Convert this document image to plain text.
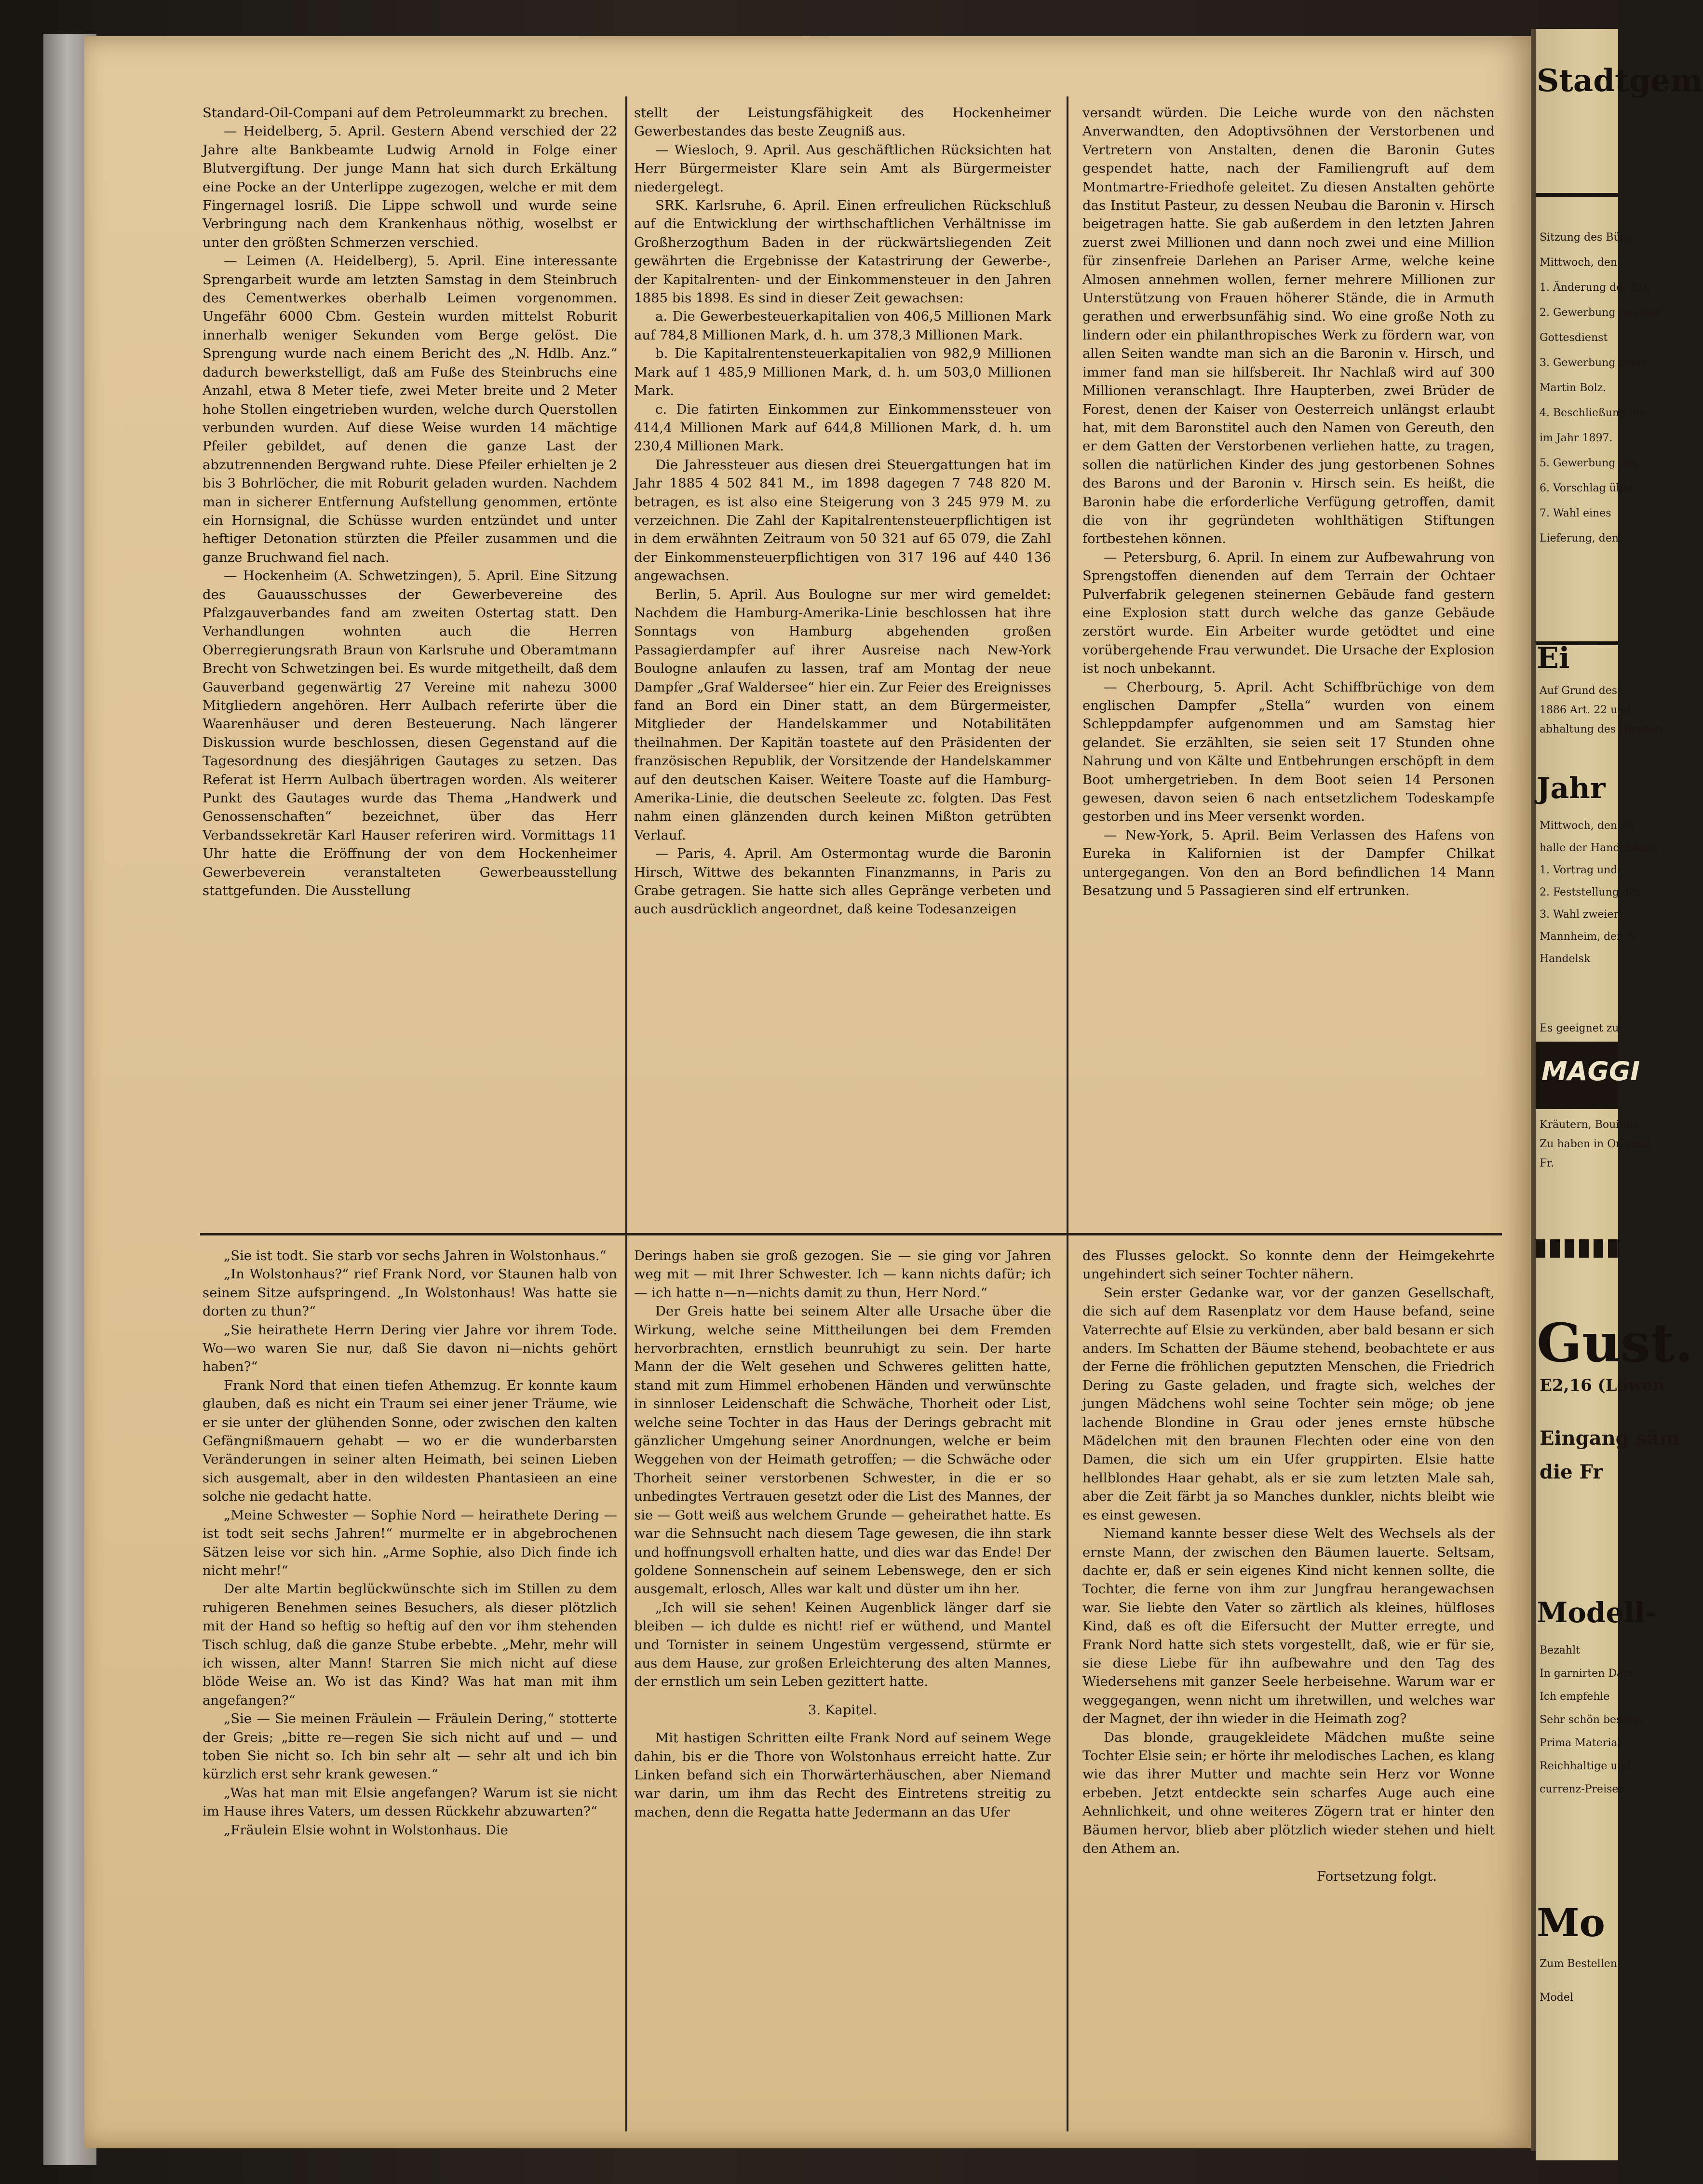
Standard-Oil-Compani auf dem Petroleummarkt zu brechen.

— Heidelberg, 5. April. Gestern Abend verschied der 22 Jahre alte Bankbeamte Ludwig Arnold in Folge einer Blutvergiftung. Der junge Mann hat sich durch Erkältung eine Pocke an der Unterlippe zugezogen, welche er mit dem Fingernagel losriß. Die Lippe schwoll und wurde seine Verbringung nach dem Krankenhaus nöthig, woselbst er unter den größten Schmerzen verschied.

— Leimen (A. Heidelberg), 5. April. Eine interessante Sprengarbeit wurde am letzten Samstag in dem Steinbruch des Cementwerkes oberhalb Leimen vorgenommen. Ungefähr 6000 Cbm. Gestein wurden mittelst Roburit innerhalb weniger Sekunden vom Berge gelöst. Die Sprengung wurde nach einem Bericht des „N. Hdlb. Anz.“ dadurch bewerkstelligt, daß am Fuße des Steinbruchs eine Anzahl, etwa 8 Meter tiefe, zwei Meter breite und 2 Meter hohe Stollen eingetrieben wurden, welche durch Querstollen verbunden wurden. Auf diese Weise wurden 14 mächtige Pfeiler gebildet, auf denen die ganze Last der abzutrennenden Bergwand ruhte. Diese Pfeiler erhielten je 2 bis 3 Bohrlöcher, die mit Roburit geladen wurden. Nachdem man in sicherer Entfernung Aufstellung genommen, ertönte ein Hornsignal, die Schüsse wurden entzündet und unter heftiger Detonation stürzten die Pfeiler zusammen und die ganze Bruchwand fiel nach.

— Hockenheim (A. Schwetzingen), 5. April. Eine Sitzung des Gauausschusses der Gewerbevereine des Pfalzgauverbandes fand am zweiten Ostertag statt. Den Verhandlungen wohnten auch die Herren Oberregierungsrath Braun von Karlsruhe und Oberamtmann Brecht von Schwetzingen bei. Es wurde mitgetheilt, daß dem Gauverband gegenwärtig 27 Vereine mit nahezu 3000 Mitgliedern angehören. Herr Aulbach referirte über die Waarenhäuser und deren Besteuerung. Nach längerer Diskussion wurde beschlossen, diesen Gegenstand auf die Tagesordnung des diesjährigen Gautages zu setzen. Das Referat ist Herrn Aulbach übertragen worden. Als weiterer Punkt des Gautages wurde das Thema „Handwerk und Genossenschaften“ bezeichnet, über das Herr Verbandssekretär Karl Hauser referiren wird. Vormittags 11 Uhr hatte die Eröffnung der von dem Hockenheimer Gewerbeverein veranstalteten Gewerbeausstellung stattgefunden. Die Ausstellung

stellt der Leistungsfähigkeit des Hockenheimer Gewerbestandes das beste Zeugniß aus.

— Wiesloch, 9. April. Aus geschäftlichen Rücksichten hat Herr Bürgermeister Klare sein Amt als Bürgermeister niedergelegt.

SRK. Karlsruhe, 6. April. Einen erfreulichen Rückschluß auf die Entwicklung der wirthschaftlichen Verhältnisse im Großherzogthum Baden in der rückwärtsliegenden Zeit gewährten die Ergebnisse der Katastrirung der Gewerbe-, der Kapitalrenten- und der Einkommensteuer in den Jahren 1885 bis 1898. Es sind in dieser Zeit gewachsen:

a. Die Gewerbesteuerkapitalien von 406,5 Millionen Mark auf 784,8 Millionen Mark, d. h. um 378,3 Millionen Mark.

b. Die Kapitalrentensteuerkapitalien von 982,9 Millionen Mark auf 1 485,9 Millionen Mark, d. h. um 503,0 Millionen Mark.

c. Die fatirten Einkommen zur Einkommenssteuer von 414,4 Millionen Mark auf 644,8 Millionen Mark, d. h. um 230,4 Millionen Mark.

Die Jahressteuer aus diesen drei Steuergattungen hat im Jahr 1885 4 502 841 M., im 1898 dagegen 7 748 820 M. betragen, es ist also eine Steigerung von 3 245 979 M. zu verzeichnen. Die Zahl der Kapitalrentensteuerpflichtigen ist in dem erwähnten Zeitraum von 50 321 auf 65 079, die Zahl der Einkommensteuerpflichtigen von 317 196 auf 440 136 angewachsen.

Berlin, 5. April. Aus Boulogne sur mer wird gemeldet: Nachdem die Hamburg-Amerika-Linie beschlossen hat ihre Sonntags von Hamburg abgehenden großen Passagierdampfer auf ihrer Ausreise nach New-York Boulogne anlaufen zu lassen, traf am Montag der neue Dampfer „Graf Waldersee“ hier ein. Zur Feier des Ereignisses fand an Bord ein Diner statt, an dem Bürgermeister, Mitglieder der Handelskammer und Notabilitäten theilnahmen. Der Kapitän toastete auf den Präsidenten der französischen Republik, der Vorsitzende der Handelskammer auf den deutschen Kaiser. Weitere Toaste auf die Hamburg-Amerika-Linie, die deutschen Seeleute zc. folgten. Das Fest nahm einen glänzenden durch keinen Mißton getrübten Verlauf.

— Paris, 4. April. Am Ostermontag wurde die Baronin Hirsch, Wittwe des bekannten Finanzmanns, in Paris zu Grabe getragen. Sie hatte sich alles Gepränge verbeten und auch ausdrücklich angeordnet, daß keine Todesanzeigen

versandt würden. Die Leiche wurde von den nächsten Anverwandten, den Adoptivsöhnen der Verstorbenen und Vertretern von Anstalten, denen die Baronin Gutes gespendet hatte, nach der Familiengruft auf dem Montmartre-Friedhofe geleitet. Zu diesen Anstalten gehörte das Institut Pasteur, zu dessen Neubau die Baronin v. Hirsch beigetragen hatte. Sie gab außerdem in den letzten Jahren zuerst zwei Millionen und dann noch zwei und eine Million für zinsenfreie Darlehen an Pariser Arme, welche keine Almosen annehmen wollen, ferner mehrere Millionen zur Unterstützung von Frauen höherer Stände, die in Armuth gerathen und erwerbsunfähig sind. Wo eine große Noth zu lindern oder ein philanthropisches Werk zu fördern war, von allen Seiten wandte man sich an die Baronin v. Hirsch, und immer fand man sie hilfsbereit. Ihr Nachlaß wird auf 300 Millionen veranschlagt. Ihre Haupterben, zwei Brüder de Forest, denen der Kaiser von Oesterreich unlängst erlaubt hat, mit dem Baronstitel auch den Namen von Gereuth, den er dem Gatten der Verstorbenen verliehen hatte, zu tragen, sollen die natürlichen Kinder des jung gestorbenen Sohnes des Barons und der Baronin v. Hirsch sein. Es heißt, die Baronin habe die erforderliche Verfügung getroffen, damit die von ihr gegründeten wohlthätigen Stiftungen fortbestehen können.

— Petersburg, 6. April. In einem zur Aufbewahrung von Sprengstoffen dienenden auf dem Terrain der Ochtaer Pulverfabrik gelegenen steinernen Gebäude fand gestern eine Explosion statt durch welche das ganze Gebäude zerstört wurde. Ein Arbeiter wurde getödtet und eine vorübergehende Frau verwundet. Die Ursache der Explosion ist noch unbekannt.

— Cherbourg, 5. April. Acht Schiffbrüchige von dem englischen Dampfer „Stella“ wurden von einem Schleppdampfer aufgenommen und am Samstag hier gelandet. Sie erzählten, sie seien seit 17 Stunden ohne Nahrung und von Kälte und Entbehrungen erschöpft in dem Boot umhergetrieben. In dem Boot seien 14 Personen gewesen, davon seien 6 nach entsetzlichem Todeskampfe gestorben und ins Meer versenkt worden.

— New-York, 5. April. Beim Verlassen des Hafens von Eureka in Kalifornien ist der Dampfer Chilkat untergegangen. Von den an Bord befindlichen 14 Mann Besatzung und 5 Passagieren sind elf ertrunken.

„Sie ist todt. Sie starb vor sechs Jahren in Wolstonhaus.“

„In Wolstonhaus?“ rief Frank Nord, vor Staunen halb von seinem Sitze aufspringend. „In Wolstonhaus! Was hatte sie dorten zu thun?“

„Sie heirathete Herrn Dering vier Jahre vor ihrem Tode. Wo—wo waren Sie nur, daß Sie davon ni—nichts gehört haben?“

Frank Nord that einen tiefen Athemzug. Er konnte kaum glauben, daß es nicht ein Traum sei einer jener Träume, wie er sie unter der glühenden Sonne, oder zwischen den kalten Gefängnißmauern gehabt — wo er die wunderbarsten Veränderungen in seiner alten Heimath, bei seinen Lieben sich ausgemalt, aber in den wildesten Phantasieen an eine solche nie gedacht hatte.

„Meine Schwester — Sophie Nord — heirathete Dering — ist todt seit sechs Jahren!“ murmelte er in abgebrochenen Sätzen leise vor sich hin. „Arme Sophie, also Dich finde ich nicht mehr!“

Der alte Martin beglückwünschte sich im Stillen zu dem ruhigeren Benehmen seines Besuchers, als dieser plötzlich mit der Hand so heftig so heftig auf den vor ihm stehenden Tisch schlug, daß die ganze Stube erbebte. „Mehr, mehr will ich wissen, alter Mann! Starren Sie mich nicht auf diese blöde Weise an. Wo ist das Kind? Was hat man mit ihm angefangen?“

„Sie — Sie meinen Fräulein — Fräulein Dering,“ stotterte der Greis; „bitte re—regen Sie sich nicht auf und — und toben Sie nicht so. Ich bin sehr alt — sehr alt und ich bin kürzlich erst sehr krank gewesen.“

„Was hat man mit Elsie angefangen? Warum ist sie nicht im Hause ihres Vaters, um dessen Rückkehr abzuwarten?“

„Fräulein Elsie wohnt in Wolstonhaus. Die

Derings haben sie groß gezogen. Sie — sie ging vor Jahren weg mit — mit Ihrer Schwester. Ich — kann nichts dafür; ich — ich hatte n—n—nichts damit zu thun, Herr Nord.“

Der Greis hatte bei seinem Alter alle Ursache über die Wirkung, welche seine Mittheilungen bei dem Fremden hervorbrachten, ernstlich beunruhigt zu sein. Der harte Mann der die Welt gesehen und Schweres gelitten hatte, stand mit zum Himmel erhobenen Händen und verwünschte in sinnloser Leidenschaft die Schwäche, Thorheit oder List, welche seine Tochter in das Haus der Derings gebracht mit gänzlicher Umgehung seiner Anordnungen, welche er beim Weggehen von der Heimath getroffen; — die Schwäche oder Thorheit seiner verstorbenen Schwester, in die er so unbedingtes Vertrauen gesetzt oder die List des Mannes, der sie — Gott weiß aus welchem Grunde — geheirathet hatte. Es war die Sehnsucht nach diesem Tage gewesen, die ihn stark und hoffnungsvoll erhalten hatte, und dies war das Ende! Der goldene Sonnenschein auf seinem Lebenswege, den er sich ausgemalt, erlosch, Alles war kalt und düster um ihn her.

„Ich will sie sehen! Keinen Augenblick länger darf sie bleiben — ich dulde es nicht! rief er wüthend, und Mantel und Tornister in seinem Ungestüm vergessend, stürmte er aus dem Hause, zur großen Erleichterung des alten Mannes, der ernstlich um sein Leben gezittert hatte.

3. Kapitel.

Mit hastigen Schritten eilte Frank Nord auf seinem Wege dahin, bis er die Thore von Wolstonhaus erreicht hatte. Zur Linken befand sich ein Thorwärterhäuschen, aber Niemand war darin, um ihm das Recht des Eintretens streitig zu machen, denn die Regatta hatte Jedermann an das Ufer

des Flusses gelockt. So konnte denn der Heimgekehrte ungehindert sich seiner Tochter nähern.

Sein erster Gedanke war, vor der ganzen Gesellschaft, die sich auf dem Rasenplatz vor dem Hause befand, seine Vaterrechte auf Elsie zu verkünden, aber bald besann er sich anders. Im Schatten der Bäume stehend, beobachtete er aus der Ferne die fröhlichen geputzten Menschen, die Friedrich Dering zu Gaste geladen, und fragte sich, welches der jungen Mädchens wohl seine Tochter sein möge; ob jene lachende Blondine in Grau oder jenes ernste hübsche Mädelchen mit den braunen Flechten oder eine von den Damen, die sich um ein Ufer gruppirten. Elsie hatte hellblondes Haar gehabt, als er sie zum letzten Male sah, aber die Zeit färbt ja so Manches dunkler, nichts bleibt wie es einst gewesen.

Niemand kannte besser diese Welt des Wechsels als der ernste Mann, der zwischen den Bäumen lauerte. Seltsam, dachte er, daß er sein eigenes Kind nicht kennen sollte, die Tochter, die ferne von ihm zur Jungfrau herangewachsen war. Sie liebte den Vater so zärtlich als kleines, hülfloses Kind, daß es oft die Eifersucht der Mutter erregte, und Frank Nord hatte sich stets vorgestellt, daß, wie er für sie, sie diese Liebe für ihn aufbewahre und den Tag des Wiedersehens mit ganzer Seele herbeisehne. Warum war er weggegangen, wenn nicht um ihretwillen, und welches war der Magnet, der ihn wieder in die Heimath zog?

Das blonde, graugekleidete Mädchen mußte seine Tochter Elsie sein; er hörte ihr melodisches Lachen, es klang wie das ihrer Mutter und machte sein Herz vor Wonne erbeben. Jetzt entdeckte sein scharfes Auge auch eine Aehnlichkeit, und ohne weiteres Zögern trat er hinter den Bäumen hervor, blieb aber plötzlich wieder stehen und hielt den Athem an.

Fortsetzung folgt.

Stadtgem
Ei
Jahr
MAGGI
Gust.
Modell-
Mo
Sitzung des Bürg
Mittwoch, den
1. Änderung der Erg
2. Gewerbung des Bür
Gottesdienst
3. Gewerbung eines
Martin Bolz.
4. Beschließung der
im Jahr 1897.
5. Gewerbung des
6. Vorschlag über
7. Wahl eines
Lieferung, den
Auf Grund des
1886 Art. 22 und
abhaltung des Handels
Mittwoch, den 19
halle der Handelskam
1. Vortrag und
2. Feststellung des
3. Wahl zweier
Mannheim, den 5.
Handelsk
Eingang säm
die Fr
Bezahlt
In garnirten Dam
Ich empfehle
Sehr schön besorgt
Prima Material
Reichhaltige und
currenz-Preisen
Zum Bestellen
Model
Es geeignet zu
Kräutern, Bouillon
Zu haben in Original
Fr.
E2,16 (Löwen
